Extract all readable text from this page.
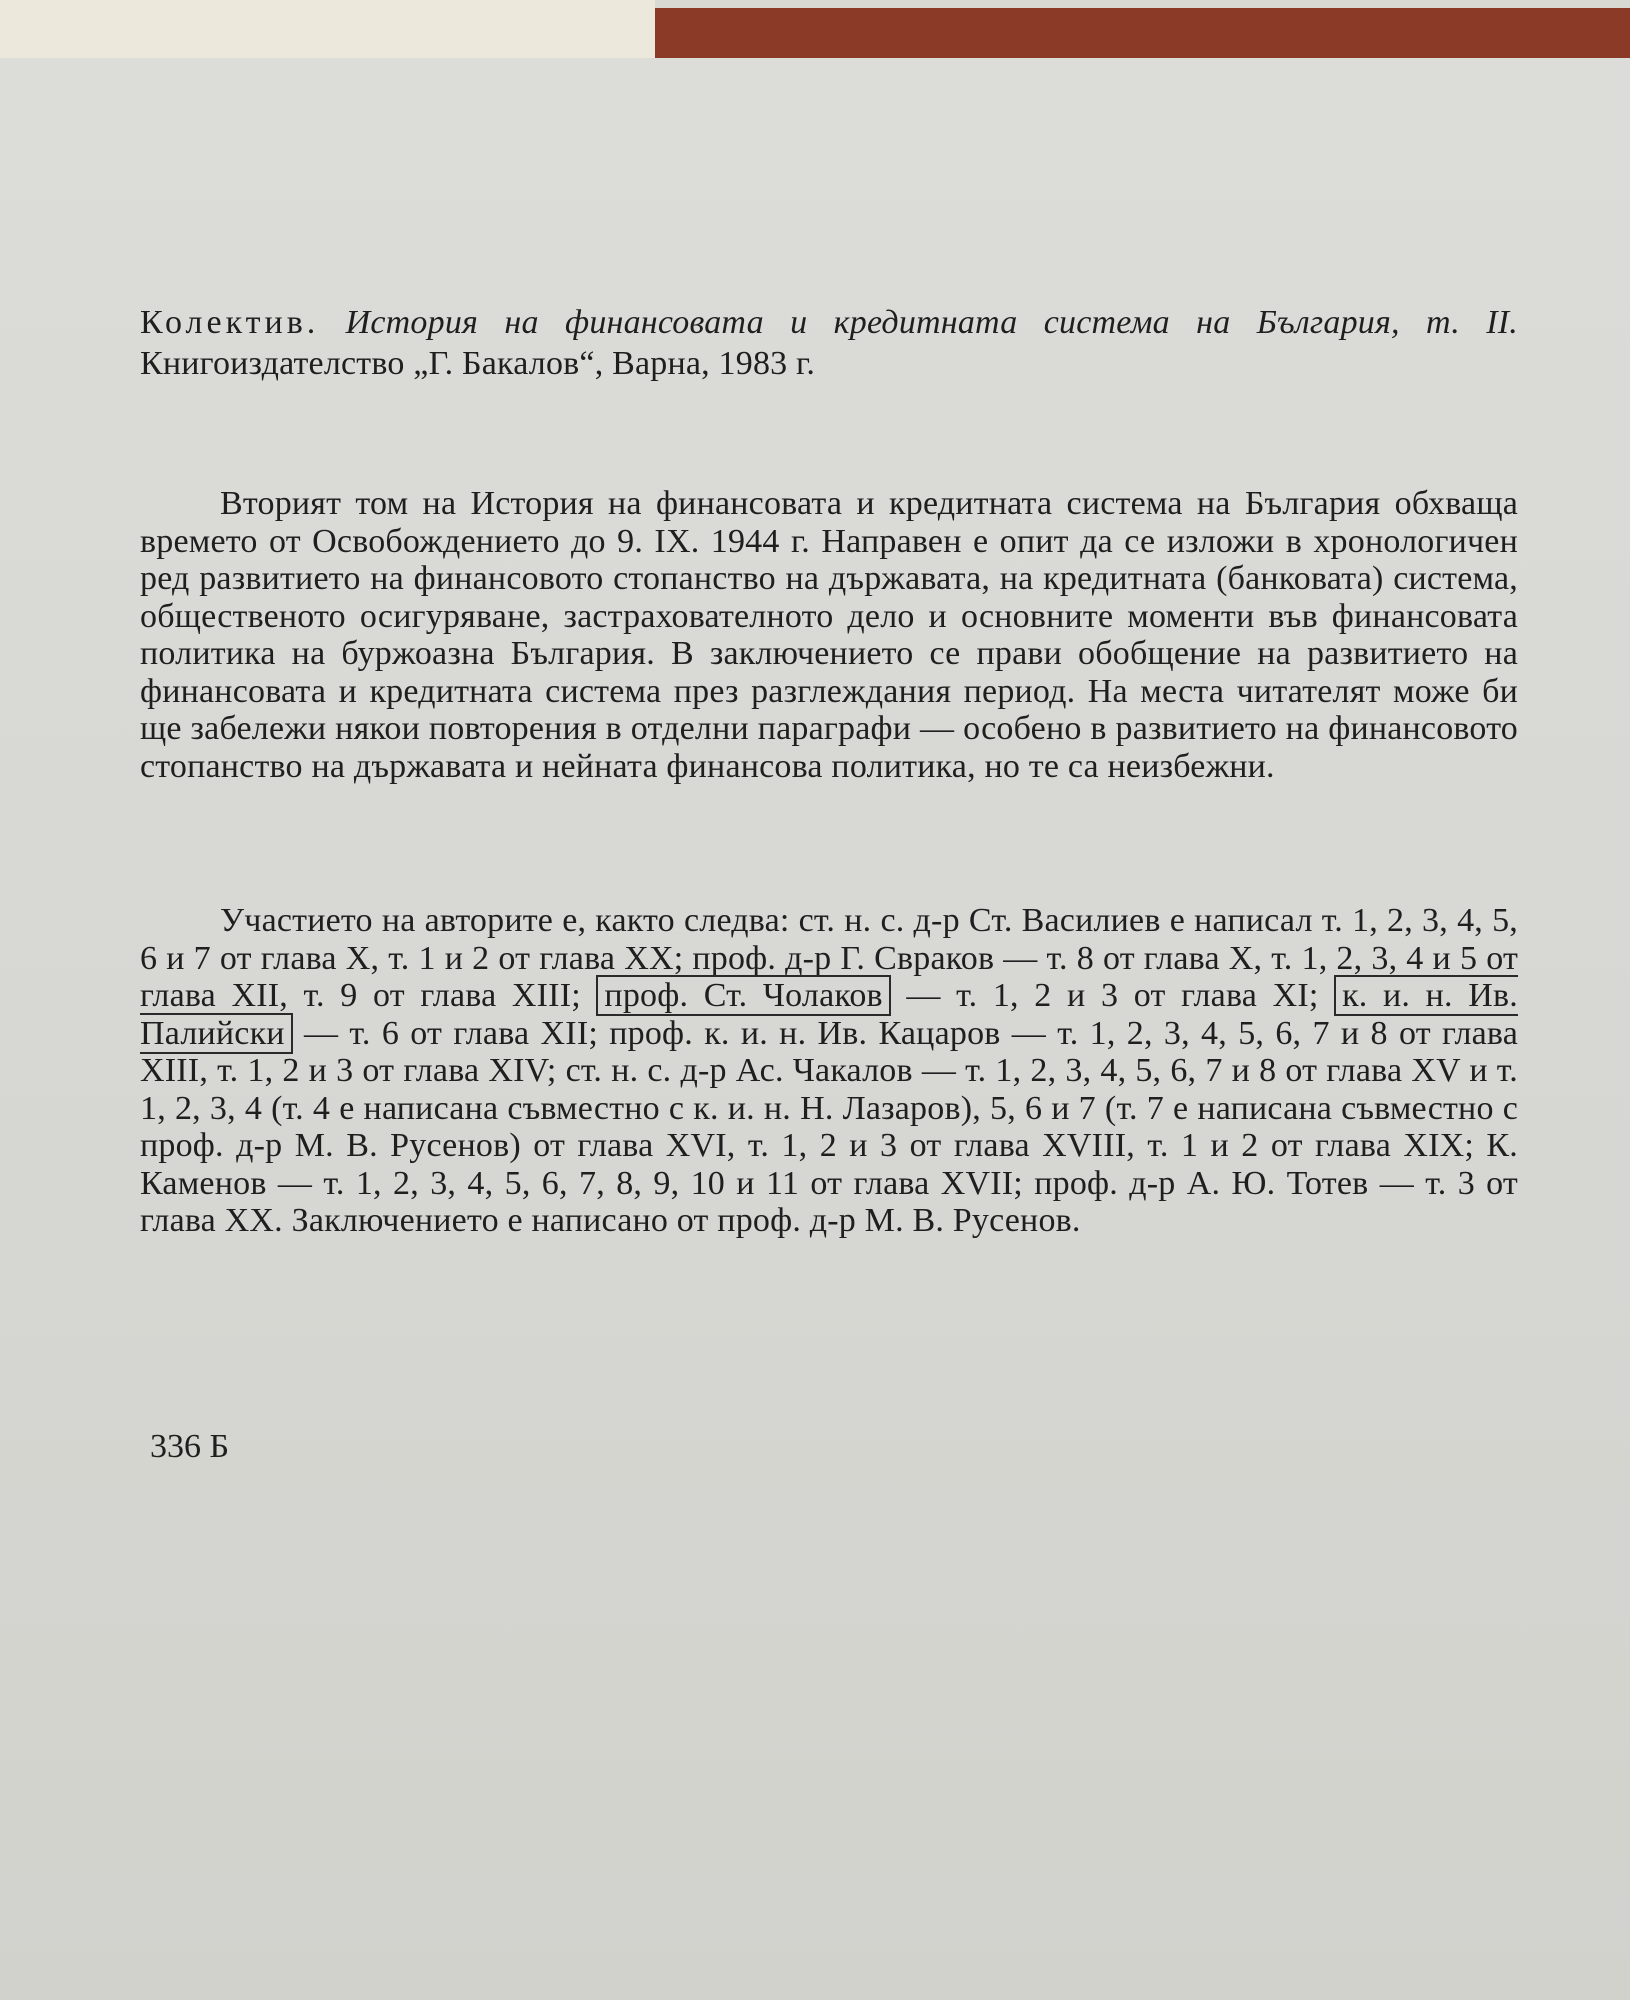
Колектив. История на финансовата и кредитната система на България, т. II. Книгоиздателство „Г. Бакалов“, Варна, 1983 г.
Вторият том на История на финансовата и кредитната система на България обхваща времето от Освобождението до 9. IX. 1944 г. Направен е опит да се изложи в хронологичен ред развитието на финансовото стопанство на държавата, на кредитната (банковата) система, общественото осигуряване, застрахователното дело и основните моменти във финансовата политика на буржоазна България. В заключението се прави обобщение на развитието на финансовата и кредитната система през разглеждания период. На места читателят може би ще забележи някои повторения в отделни параграфи — особено в развитието на финансовото стопанство на държавата и нейната финансова политика, но те са неизбежни.
Участието на авторите е, както следва: ст. н. с. д-р Ст. Василиев е написал т. 1, 2, 3, 4, 5, 6 и 7 от глава X, т. 1 и 2 от глава XX; проф. д-р Г. Свраков — т. 8 от глава X, т. 1, 2, 3, 4 и 5 от глава XII, т. 9 от глава XIII; проф. Ст. Чолаков — т. 1, 2 и 3 от глава XI; к. и. н. Ив. Палийски — т. 6 от глава XII; проф. к. и. н. Ив. Кацаров — т. 1, 2, 3, 4, 5, 6, 7 и 8 от глава XIII, т. 1, 2 и 3 от глава XIV; ст. н. с. д-р Ас. Чакалов — т. 1, 2, 3, 4, 5, 6, 7 и 8 от глава XV и т. 1, 2, 3, 4 (т. 4 е написана съвместно с к. и. н. Н. Лазаров), 5, 6 и 7 (т. 7 е написана съвместно с проф. д-р М. В. Русенов) от глава XVI, т. 1, 2 и 3 от глава XVIII, т. 1 и 2 от глава XIX; К. Каменов — т. 1, 2, 3, 4, 5, 6, 7, 8, 9, 10 и 11 от глава XVII; проф. д-р А. Ю. Тотев — т. 3 от глава XX. Заключението е написано от проф. д-р М. В. Русенов.
336 Б
